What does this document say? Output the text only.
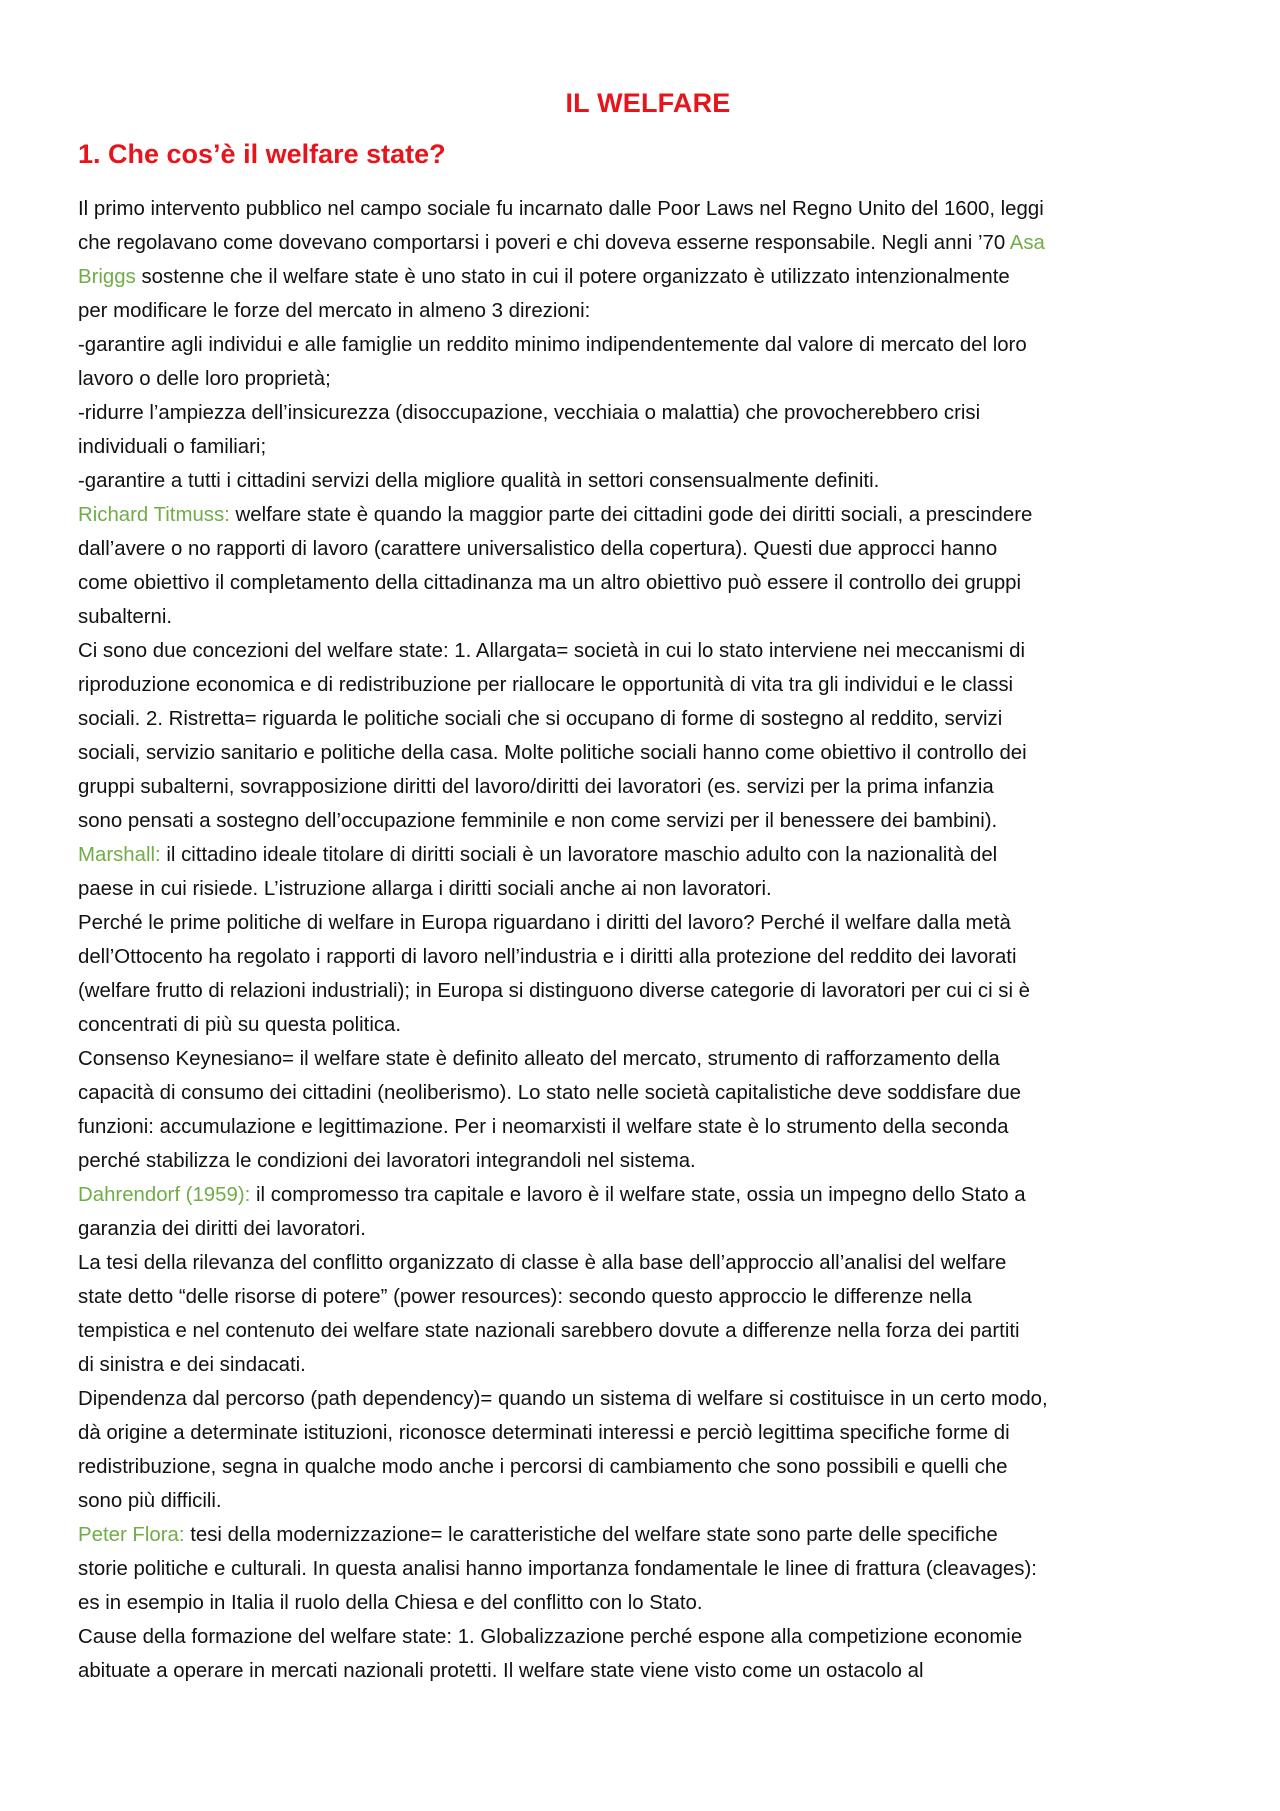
IL WELFARE
1. Che cos’è il welfare state?
Il primo intervento pubblico nel campo sociale fu incarnato dalle Poor Laws nel Regno Unito del 1600, leggi
che regolavano come dovevano comportarsi i poveri e chi doveva esserne responsabile. Negli anni ’70 Asa
Briggs sostenne che il welfare state è uno stato in cui il potere organizzato è utilizzato intenzionalmente
per modificare le forze del mercato in almeno 3 direzioni:
-garantire agli individui e alle famiglie un reddito minimo indipendentemente dal valore di mercato del loro
lavoro o delle loro proprietà;
-ridurre l’ampiezza dell’insicurezza (disoccupazione, vecchiaia o malattia) che provocherebbero crisi
individuali o familiari;
-garantire a tutti i cittadini servizi della migliore qualità in settori consensualmente definiti.
Richard Titmuss: welfare state è quando la maggior parte dei cittadini gode dei diritti sociali, a prescindere
dall’avere o no rapporti di lavoro (carattere universalistico della copertura). Questi due approcci hanno
come obiettivo il completamento della cittadinanza ma un altro obiettivo può essere il controllo dei gruppi
subalterni.
Ci sono due concezioni del welfare state: 1. Allargata= società in cui lo stato interviene nei meccanismi di
riproduzione economica e di redistribuzione per riallocare le opportunità di vita tra gli individui e le classi
sociali. 2. Ristretta= riguarda le politiche sociali che si occupano di forme di sostegno al reddito, servizi
sociali, servizio sanitario e politiche della casa. Molte politiche sociali hanno come obiettivo il controllo dei
gruppi subalterni, sovrapposizione diritti del lavoro/diritti dei lavoratori (es. servizi per la prima infanzia
sono pensati a sostegno dell’occupazione femminile e non come servizi per il benessere dei bambini).
Marshall: il cittadino ideale titolare di diritti sociali è un lavoratore maschio adulto con la nazionalità del
paese in cui risiede. L’istruzione allarga i diritti sociali anche ai non lavoratori.
Perché le prime politiche di welfare in Europa riguardano i diritti del lavoro? Perché il welfare dalla metà
dell’Ottocento ha regolato i rapporti di lavoro nell’industria e i diritti alla protezione del reddito dei lavorati
(welfare frutto di relazioni industriali); in Europa si distinguono diverse categorie di lavoratori per cui ci si è
concentrati di più su questa politica.
Consenso Keynesiano= il welfare state è definito alleato del mercato, strumento di rafforzamento della
capacità di consumo dei cittadini (neoliberismo). Lo stato nelle società capitalistiche deve soddisfare due
funzioni: accumulazione e legittimazione. Per i neomarxisti il welfare state è lo strumento della seconda
perché stabilizza le condizioni dei lavoratori integrandoli nel sistema.
Dahrendorf (1959): il compromesso tra capitale e lavoro è il welfare state, ossia un impegno dello Stato a
garanzia dei diritti dei lavoratori.
La tesi della rilevanza del conflitto organizzato di classe è alla base dell’approccio all’analisi del welfare
state detto “delle risorse di potere” (power resources): secondo questo approccio le differenze nella
tempistica e nel contenuto dei welfare state nazionali sarebbero dovute a differenze nella forza dei partiti
di sinistra e dei sindacati.
Dipendenza dal percorso (path dependency)= quando un sistema di welfare si costituisce in un certo modo,
dà origine a determinate istituzioni, riconosce determinati interessi e perciò legittima specifiche forme di
redistribuzione, segna in qualche modo anche i percorsi di cambiamento che sono possibili e quelli che
sono più difficili.
Peter Flora: tesi della modernizzazione= le caratteristiche del welfare state sono parte delle specifiche
storie politiche e culturali. In questa analisi hanno importanza fondamentale le linee di frattura (cleavages):
es in esempio in Italia il ruolo della Chiesa e del conflitto con lo Stato.
Cause della formazione del welfare state: 1. Globalizzazione perché espone alla competizione economie
abituate a operare in mercati nazionali protetti. Il welfare state viene visto come un ostacolo al
